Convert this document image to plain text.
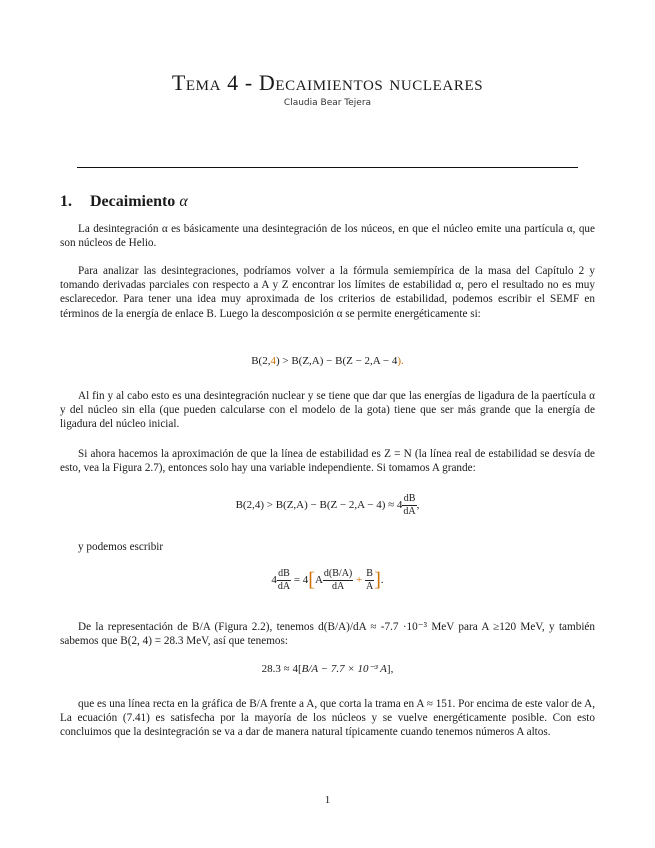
Tema 4 - Decaimientos nucleares
Claudia Bear Tejera
1. Decaimiento α
La desintegración α es básicamente una desintegración de los núceos, en que el núcleo emite una partícula α, que son núcleos de Helio.
Para analizar las desintegraciones, podríamos volver a la fórmula semiempírica de la masa del Capítulo 2 y tomando derivadas parciales con respecto a A y Z encontrar los límites de estabilidad α, pero el resultado no es muy esclarecedor. Para tener una idea muy aproximada de los criterios de estabilidad, podemos escribir el SEMF en términos de la energía de enlace B. Luego la descomposición α se permite energéticamente si:
B(2,4) > B(Z,A) − B(Z − 2,A − 4).
Al fin y al cabo esto es una desintegración nuclear y se tiene que dar que las energías de ligadura de la paertícula α y del núcleo sin ella (que pueden calcularse con el modelo de la gota) tiene que ser más grande que la energía de ligadura del núcleo inicial.
Si ahora hacemos la aproximación de que la línea de estabilidad es Z = N (la línea real de estabilidad se desvía de esto, vea la Figura 2.7), entonces solo hay una variable independiente. Si tomamos A grande:
$B(2,4) > B(Z,A) - B(Z - 2,A - 4) \approx 4 \frac{dB}{dA}$ ,
y podemos escribir
$4 \frac{dB}{dA} = 4[A \frac{d(B/A)}{dA} + \frac{B}{A}$ ].
De la representación de B/A (Figura 2.2), tenemos d(B/A)/dA ≈ -7.7 ·10⁻³ MeV para A ≥120 MeV, y también sabemos que B(2, 4) = 28.3 MeV, así que tenemos:
28.3 ≈ 4[B/A − 7.7 × 10⁻³ A],
que es una línea recta en la gráfica de B/A frente a A, que corta la trama en A ≈ 151. Por encima de este valor de A, La ecuación (7.41) es satisfecha por la mayoría de los núcleos y se vuelve energéticamente posible. Con esto concluimos que la desintegración se va a dar de manera natural típicamente cuando tenemos números A altos.
1
